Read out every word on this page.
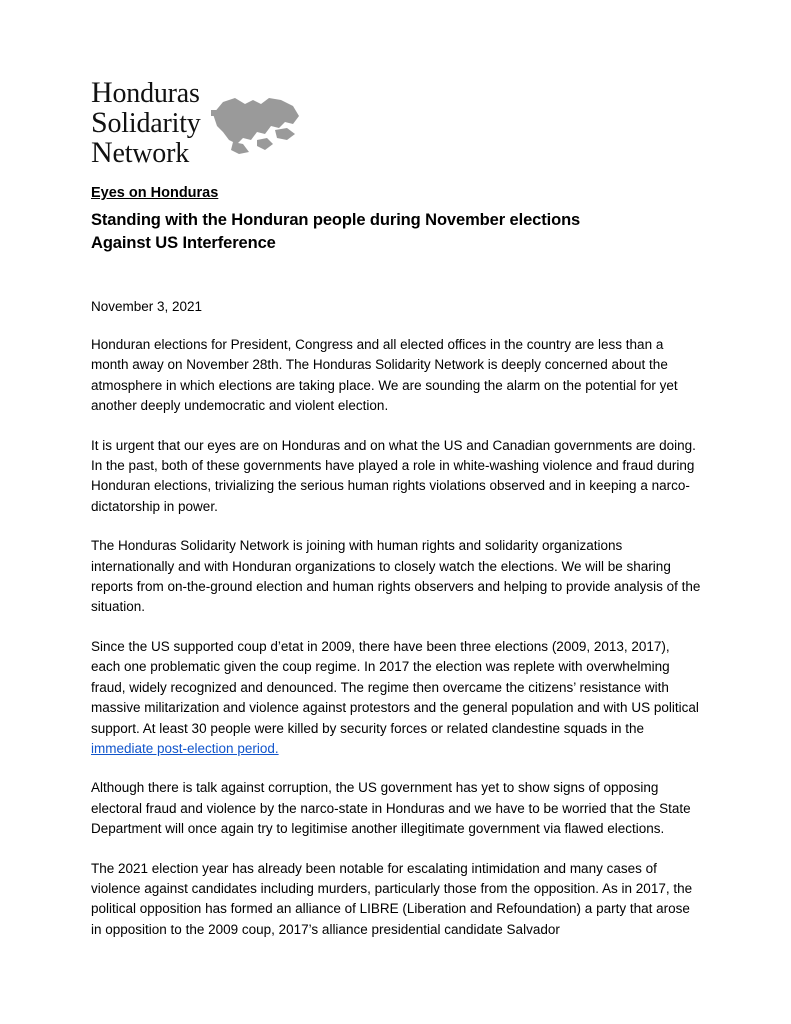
Honduras
Solidarity
Network
Eyes on Honduras
Standing with the Honduran people during November elections
Against US Interference

November 3, 2021

Honduran elections for President, Congress and all elected offices in the country are less than a month away on November 28th. The Honduras Solidarity Network is deeply concerned about the atmosphere in which elections are taking place. We are sounding the alarm on the potential for yet another deeply undemocratic and violent election.

It is urgent that our eyes are on Honduras and on what the US and Canadian governments are doing. In the past, both of these governments have played a role in white-washing violence and fraud during Honduran elections, trivializing the serious human rights violations observed and in keeping a narco-dictatorship in power.

The Honduras Solidarity Network is joining with human rights and solidarity organizations internationally and with Honduran organizations to closely watch the elections. We will be sharing reports from on-the-ground election and human rights observers and helping to provide analysis of the situation.

Since the US supported coup d’etat in 2009, there have been three elections (2009, 2013, 2017), each one problematic given the coup regime. In 2017 the election was replete with overwhelming fraud, widely recognized and denounced. The regime then overcame the citizens’ resistance with massive militarization and violence against protestors and the general population and with US political support. At least 30 people were killed by security forces or related clandestine squads in the immediate post-election period.

Although there is talk against corruption, the US government has yet to show signs of opposing electoral fraud and violence by the narco-state in Honduras and we have to be worried that the State Department will once again try to legitimise another illegitimate government via flawed elections.

The 2021 election year has already been notable for escalating intimidation and many cases of violence against candidates including murders, particularly those from the opposition. As in 2017, the political opposition has formed an alliance of LIBRE (Liberation and Refoundation) a party that arose in opposition to the 2009 coup, 2017’s alliance presidential candidate Salvador
